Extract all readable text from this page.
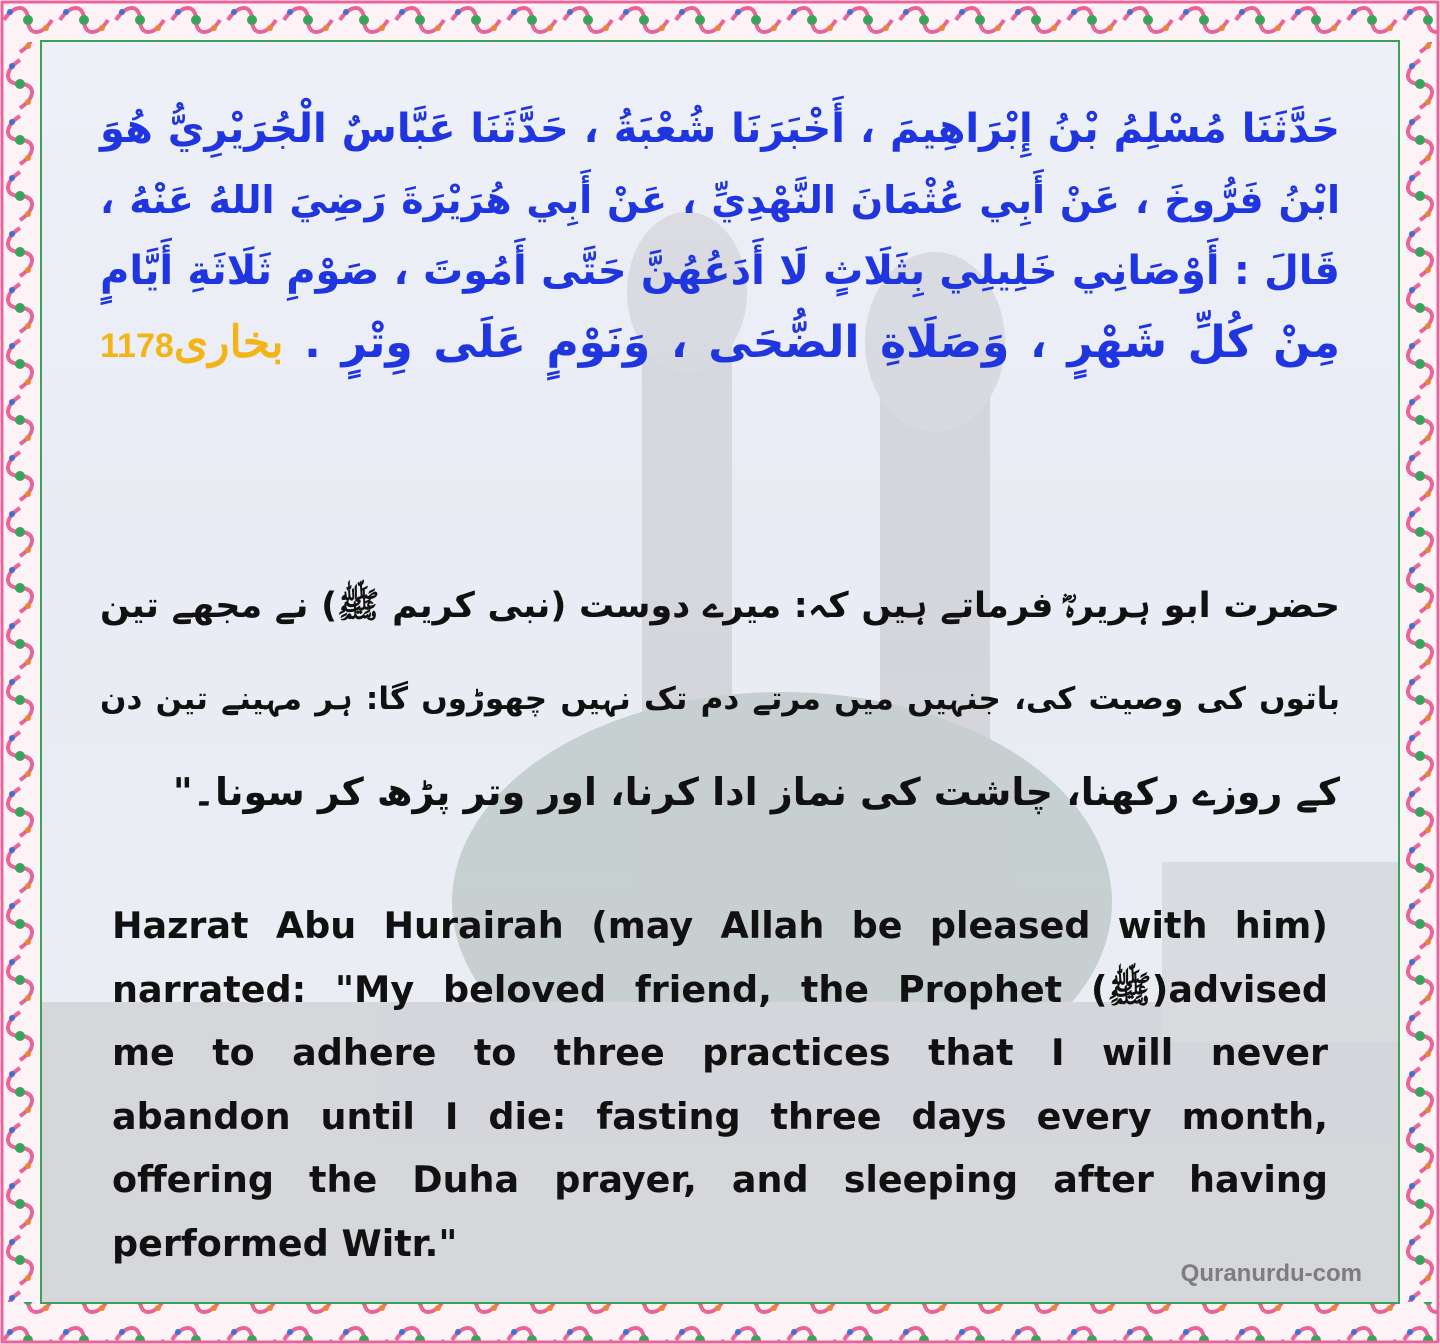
حَدَّثَنَا مُسْلِمُ بْنُ إِبْرَاهِيمَ ، أَخْبَرَنَا شُعْبَةُ ، حَدَّثَنَا عَبَّاسٌ الْجُرَيْرِيُّ هُوَ
ابْنُ فَرُّوخَ ، عَنْ أَبِي عُثْمَانَ النَّهْدِيِّ ، عَنْ أَبِي هُرَيْرَةَ رَضِيَ اللهُ عَنْهُ ،
قَالَ : أَوْصَانِي خَلِيلِي بِثَلَاثٍ لَا أَدَعُهُنَّ حَتَّى أَمُوتَ ، صَوْمِ ثَلَاثَةِ أَيَّامٍ
مِنْ كُلِّ شَهْرٍ ، وَصَلَاةِ الضُّحَى ، وَنَوْمٍ عَلَى وِتْرٍ . بخاری1178
حضرت ابو ہریرہؓ فرماتے ہیں کہ: میرے دوست (نبی کریم ﷺ) نے مجھے تین
باتوں کی وصیت کی، جنہیں میں مرتے دم تک نہیں چھوڑوں گا: ہر مہینے تین دن
کے روزے رکھنا، چاشت کی نماز ادا کرنا، اور وتر پڑھ کر سونا۔"
Hazrat Abu Hurairah (may Allah be pleased with him)
narrated: "My beloved friend, the Prophet (ﷺ)advised
me to adhere to three practices that I will never
abandon until I die: fasting three days every month,
offering the Duha prayer, and sleeping after having
performed Witr."
Quranurdu-com
